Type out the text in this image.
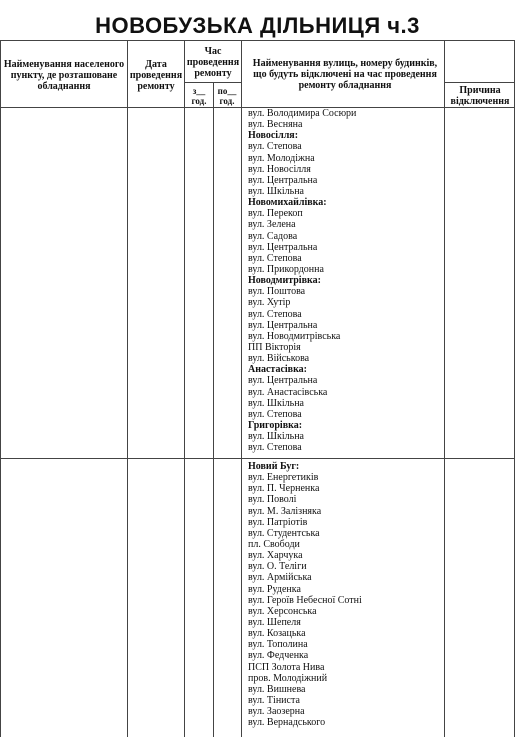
НОВОБУЗЬКА ДІЛЬНИЦЯ ч.3
Найменування населеного пункту, де розташоване обладнання
Дата проведення ремонту
Час проведення ремонту
з__ год.
по__ год.
Найменування вулиць, номеру будинків, що будуть відключені на час проведення ремонту обладнання	Причина відключення
вул. Володимира Сосюри
вул. Весняна
Новосілля:
вул. Степова
вул. Молодіжна
вул. Новосілля
вул. Центральна
вул. Шкільна
Новомихайлівка:
вул. Перекоп
вул. Зелена
вул. Садова
вул. Центральна
вул. Степова
вул. Прикордонна
Новодмитрівка:
вул. Поштова
вул. Хутір
вул. Степова
вул. Центральна
вул. Новодмитрівська
ПП Вікторія
вул. Військова
Анастасівка:
вул. Центральна
вул. Анастасівська
вул. Шкільна
вул. Степова
Григорівка:
вул. Шкільна
вул. Степова
Новий Буг:
вул. Енергетиків
вул. П. Черненка
вул. Поволі
вул. М. Залізняка
вул. Патріотів
вул. Студентська
пл. Свободи
вул. Харчука
вул. О. Теліги
вул. Армійська
вул. Руденка
вул. Героїв Небесної Сотні
вул. Херсонська
вул. Шепеля
вул. Козацька
вул. Тополина
вул. Федченка
ПСП Золота Нива
пров. Молодіжний
вул. Вишнева
вул. Тіниста
вул. Заозерна
вул. Вернадського
